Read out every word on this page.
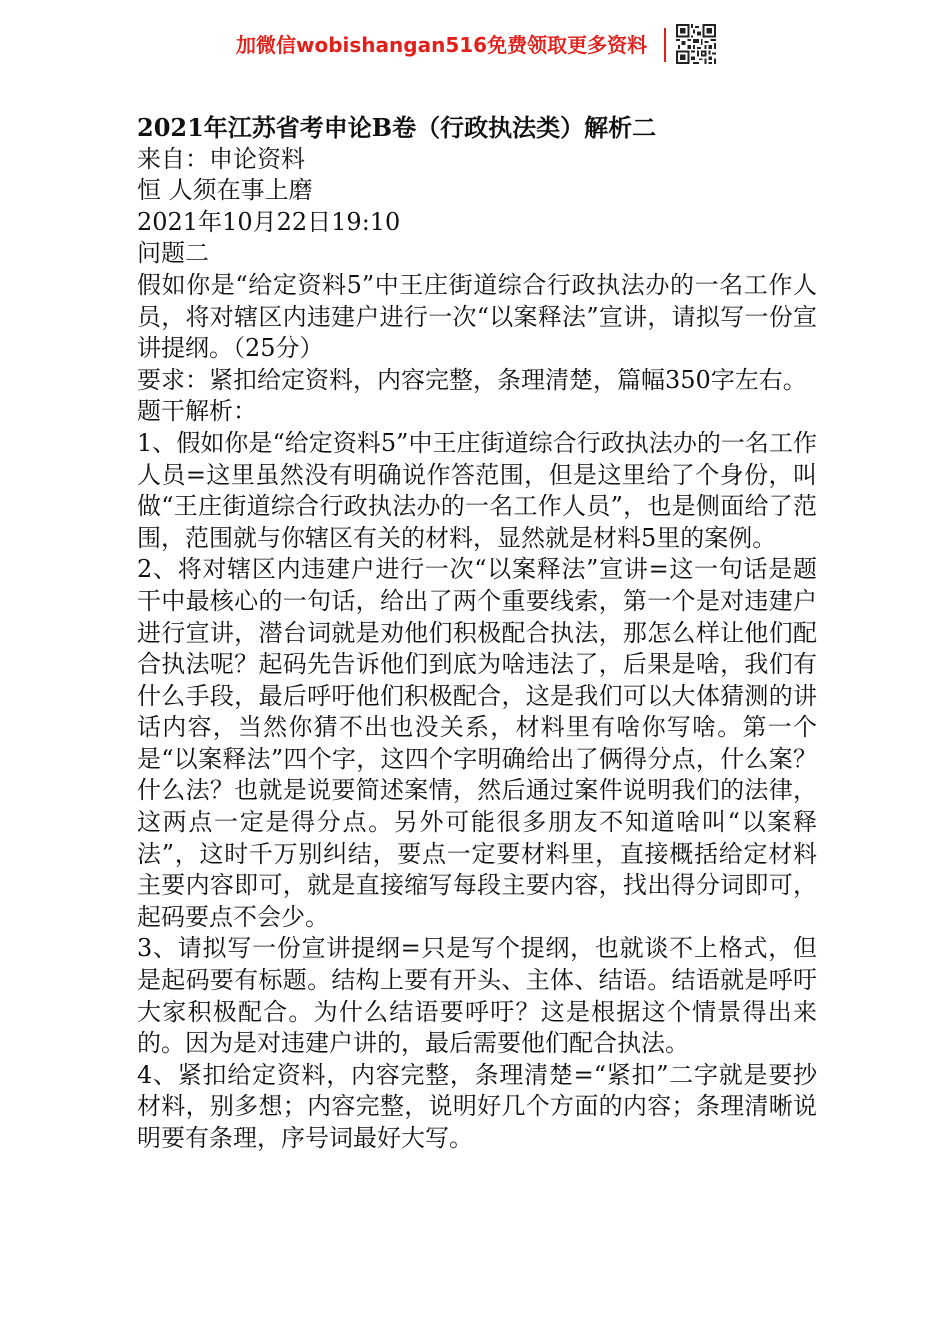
加微信wobishangan516免费领取更多资料

2021年江苏省考申论B卷（行政执法类）解析二

来自：申论资料

恒 人须在事上磨

2021年10月22日19:10

问题二

假如你是“给定资料5”中王庄街道综合行政执法办的一名工作人员，将对辖区内违建户进行一次“以案释法”宣讲，请拟写一份宣讲提纲。（25分）

要求：紧扣给定资料，内容完整，条理清楚，篇幅350字左右。

题干解析：

1、假如你是“给定资料5”中王庄街道综合行政执法办的一名工作人员=这里虽然没有明确说作答范围，但是这里给了个身份，叫做“王庄街道综合行政执法办的一名工作人员”，也是侧面给了范围，范围就与你辖区有关的材料，显然就是材料5里的案例。

2、将对辖区内违建户进行一次“以案释法”宣讲=这一句话是题干中最核心的一句话，给出了两个重要线索，第一个是对违建户进行宣讲，潜台词就是劝他们积极配合执法，那怎么样让他们配合执法呢？起码先告诉他们到底为啥违法了，后果是啥，我们有什么手段，最后呼吁他们积极配合，这是我们可以大体猜测的讲话内容，当然你猜不出也没关系，材料里有啥你写啥。第一个是“以案释法”四个字，这四个字明确给出了俩得分点，什么案？什么法？也就是说要简述案情，然后通过案件说明我们的法律，这两点一定是得分点。另外可能很多朋友不知道啥叫“以案释法”，这时千万别纠结，要点一定要材料里，直接概括给定材料主要内容即可，就是直接缩写每段主要内容，找出得分词即可，起码要点不会少。

3、请拟写一份宣讲提纲=只是写个提纲，也就谈不上格式，但是起码要有标题。结构上要有开头、主体、结语。结语就是呼吁大家积极配合。为什么结语要呼吁？这是根据这个情景得出来的。因为是对违建户讲的，最后需要他们配合执法。

4、紧扣给定资料，内容完整，条理清楚=“紧扣”二字就是要抄材料，别多想；内容完整，说明好几个方面的内容；条理清晰说明要有条理，序号词最好大写。
